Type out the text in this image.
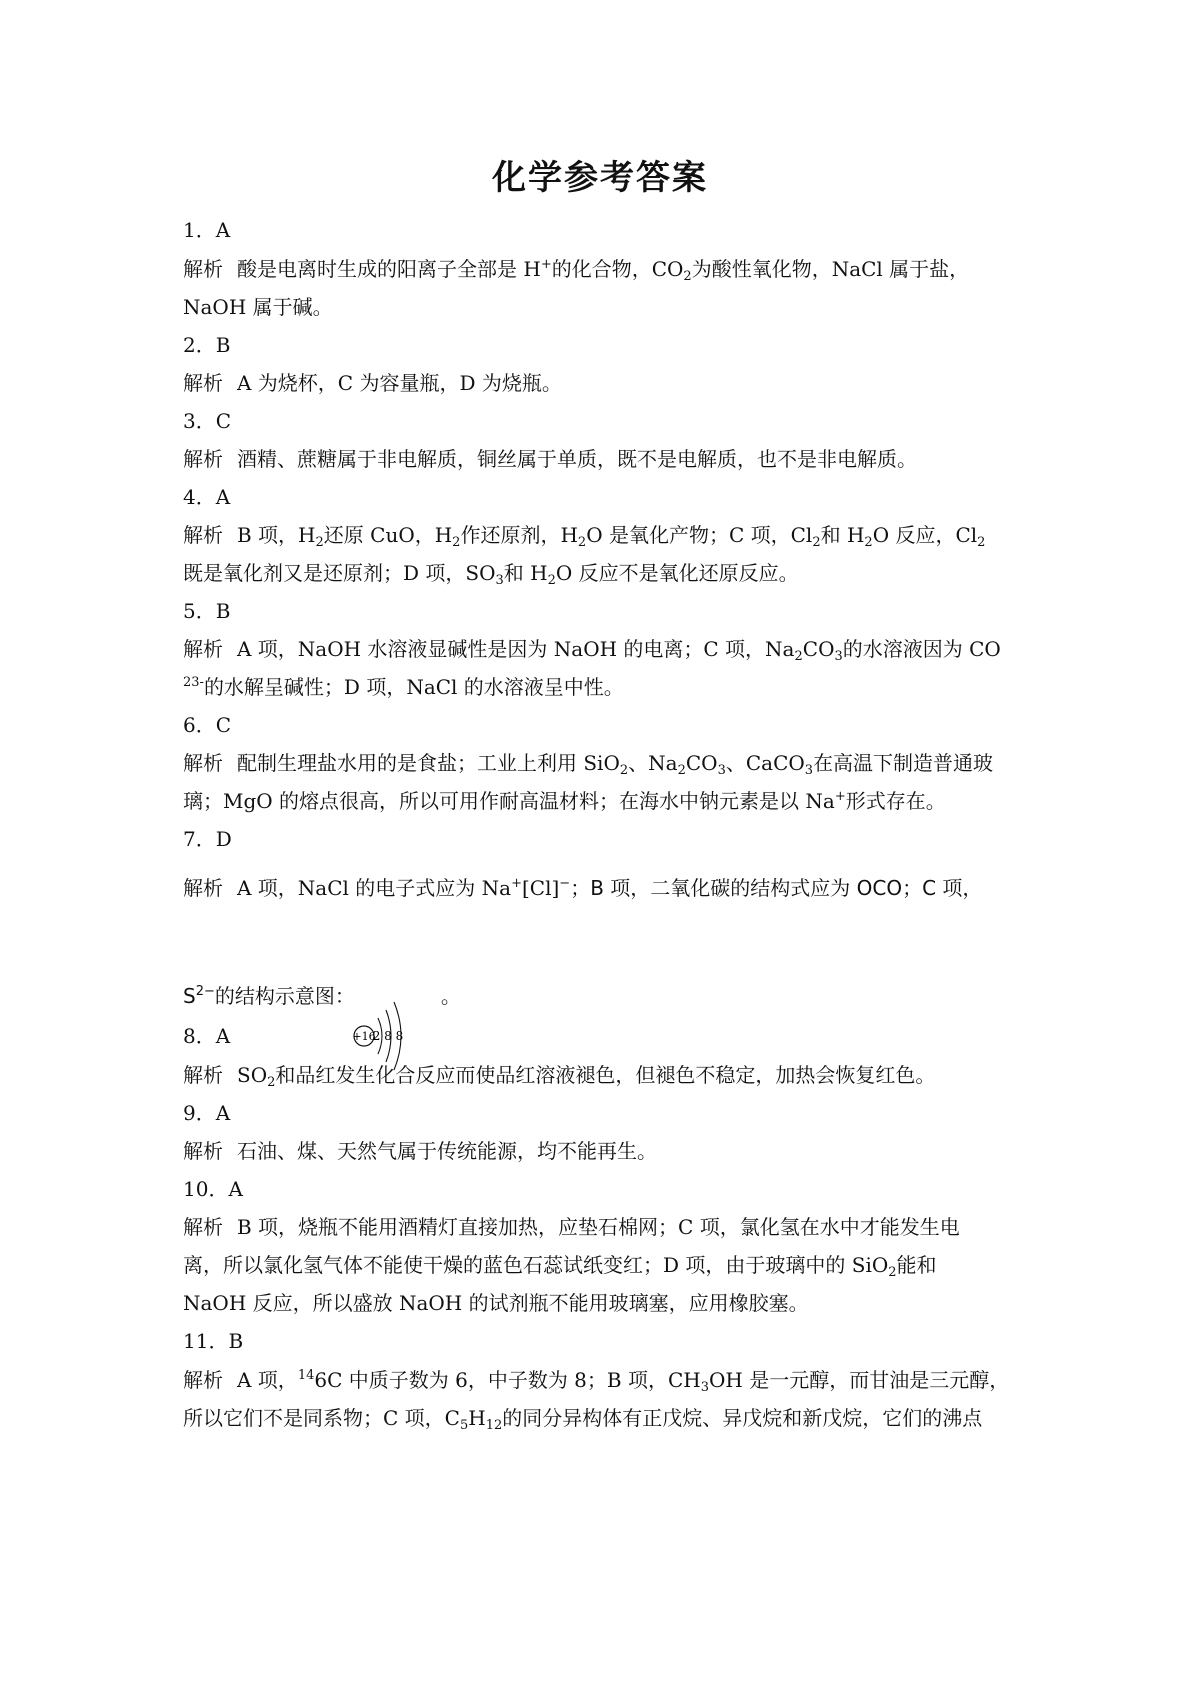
化学参考答案
1．A
解析 酸是电离时生成的阳离子全部是 H+的化合物，$CO_2$为酸性氧化物，NaCl 属于盐，
NaOH 属于碱。
2．B
解析 A 为烧杯，C 为容量瓶，D 为烧瓶。
3．C
解析 酒精、蔗糖属于非电解质，铜丝属于单质，既不是电解质，也不是非电解质。
4．A
解析 B 项，$H_2$还原 CuO，$H_2$作还原剂，$H_2O$ 是氧化产物；C 项，$Cl_2$和 $H_2O$ 反应，$Cl_2$
既是氧化剂又是还原剂；D 项，$SO_3$和 $H_2O$ 反应不是氧化还原反应。
5．B
解析 A 项，NaOH 水溶液显碱性是因为 NaOH 的电离；C 项，$Na_2CO_3$的水溶液因为 CO
$^{23-}$的水解呈碱性；D 项，NaCl 的水溶液呈中性。
6．C
解析 配制生理盐水用的是食盐；工业上利用 SiO$_2$、$Na_2CO_3$、CaCO$_3$在高温下制造普通玻
璃；MgO 的熔点很高，所以可用作耐高温材料；在海水中钠元素是以 Na+形式存在。
7．D
解析 A 项，NaCl 的电子式应为 Na+[Cl]−；B 项，二氧化碳的结构式应为 OCO；C 项，
+16
2 8 8
$S^{2-}$的结构示意图：	。
8．A
解析 $SO_2$和品红发生化合反应而使品红溶液褪色，但褪色不稳定，加热会恢复红色。
9．A
解析 石油、煤、天然气属于传统能源，均不能再生。
10．A
解析 B 项，烧瓶不能用酒精灯直接加热，应垫石棉网；C 项，氯化氢在水中才能发生电
离，所以氯化氢气体不能使干燥的蓝色石蕊试纸变红；D 项，由于玻璃中的 SiO$_2$能和
NaOH 反应，所以盛放 NaOH 的试剂瓶不能用玻璃塞，应用橡胶塞。
11．B
解析 A 项，$^{14}$6C 中质子数为 6，中子数为 8；B 项，$CH_3OH$ 是一元醇，而甘油是三元醇，
所以它们不是同系物；C 项，$C_5H_{12}$的同分异构体有正戊烷、异戊烷和新戊烷，它们的沸点
